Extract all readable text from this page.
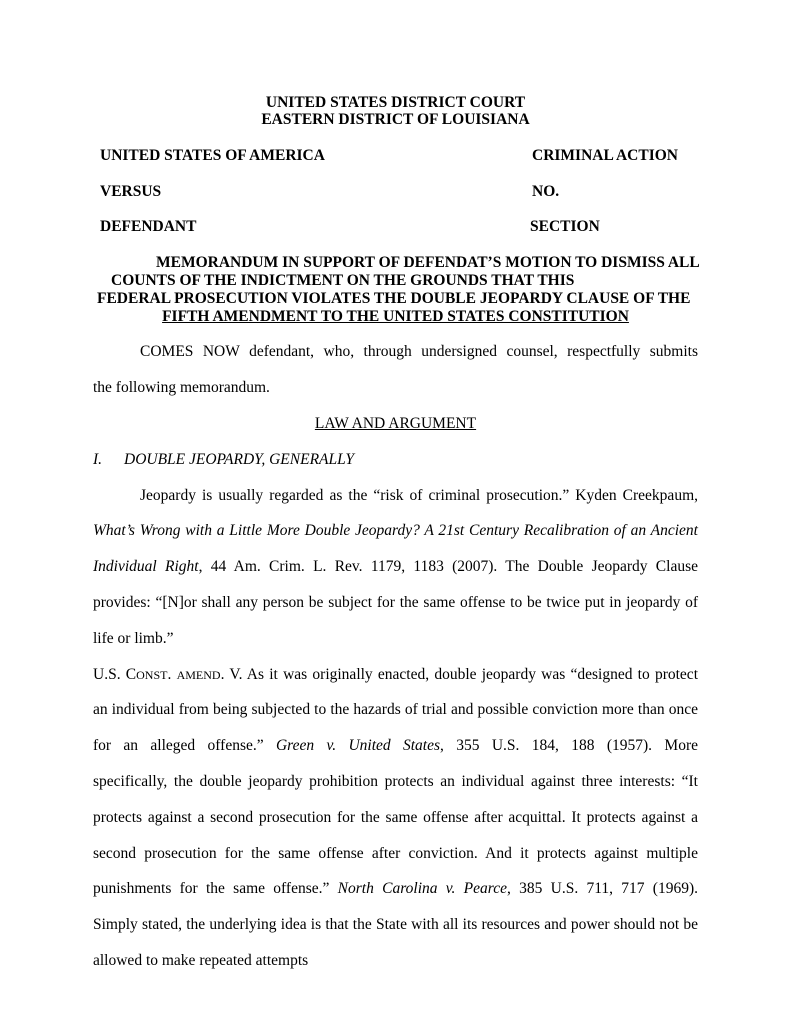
UNITED STATES DISTRICT COURT
EASTERN DISTRICT OF LOUISIANA
UNITED STATES OF AMERICA	CRIMINAL ACTION
VERSUS	NO.
DEFENDANT	SECTION
MEMORANDUM IN SUPPORT OF DEFENDAT’S MOTION TO DISMISS ALL
COUNTS OF THE INDICTMENT ON THE GROUNDS THAT THIS
FEDERAL PROSECUTION VIOLATES THE DOUBLE JEOPARDY CLAUSE OF THE
FIFTH AMENDMENT TO THE UNITED STATES CONSTITUTION
COMES NOW defendant, who, through undersigned counsel, respectfully submits
the following memorandum.
LAW AND ARGUMENT
I. DOUBLE JEOPARDY, GENERALLY
Jeopardy is usually regarded as the “risk of criminal prosecution.” Kyden Creekpaum,
What’s Wrong with a Little More Double Jeopardy? A 21st Century Recalibration of an Ancient
Individual Right, 44 Am. Crim. L. Rev. 1179, 1183 (2007). The Double Jeopardy Clause
provides: “[N]or shall any person be subject for the same offense to be twice put in jeopardy of
life or limb.”
U.S. CONST. AMEND. V. As it was originally enacted, double jeopardy was “designed to protect
an individual from being subjected to the hazards of trial and possible conviction more than once
for an alleged offense.” Green v. United States, 355 U.S. 184, 188 (1957). More
specifically, the double jeopardy prohibition protects an individual against three interests: “It
protects against a second prosecution for the same offense after acquittal. It protects against a
second prosecution for the same offense after conviction. And it protects against multiple
punishments for the same offense.” North Carolina v. Pearce, 385 U.S. 711, 717 (1969).
Simply stated, the underlying idea is that the State with all its resources and power should not be
allowed to make repeated attempts
